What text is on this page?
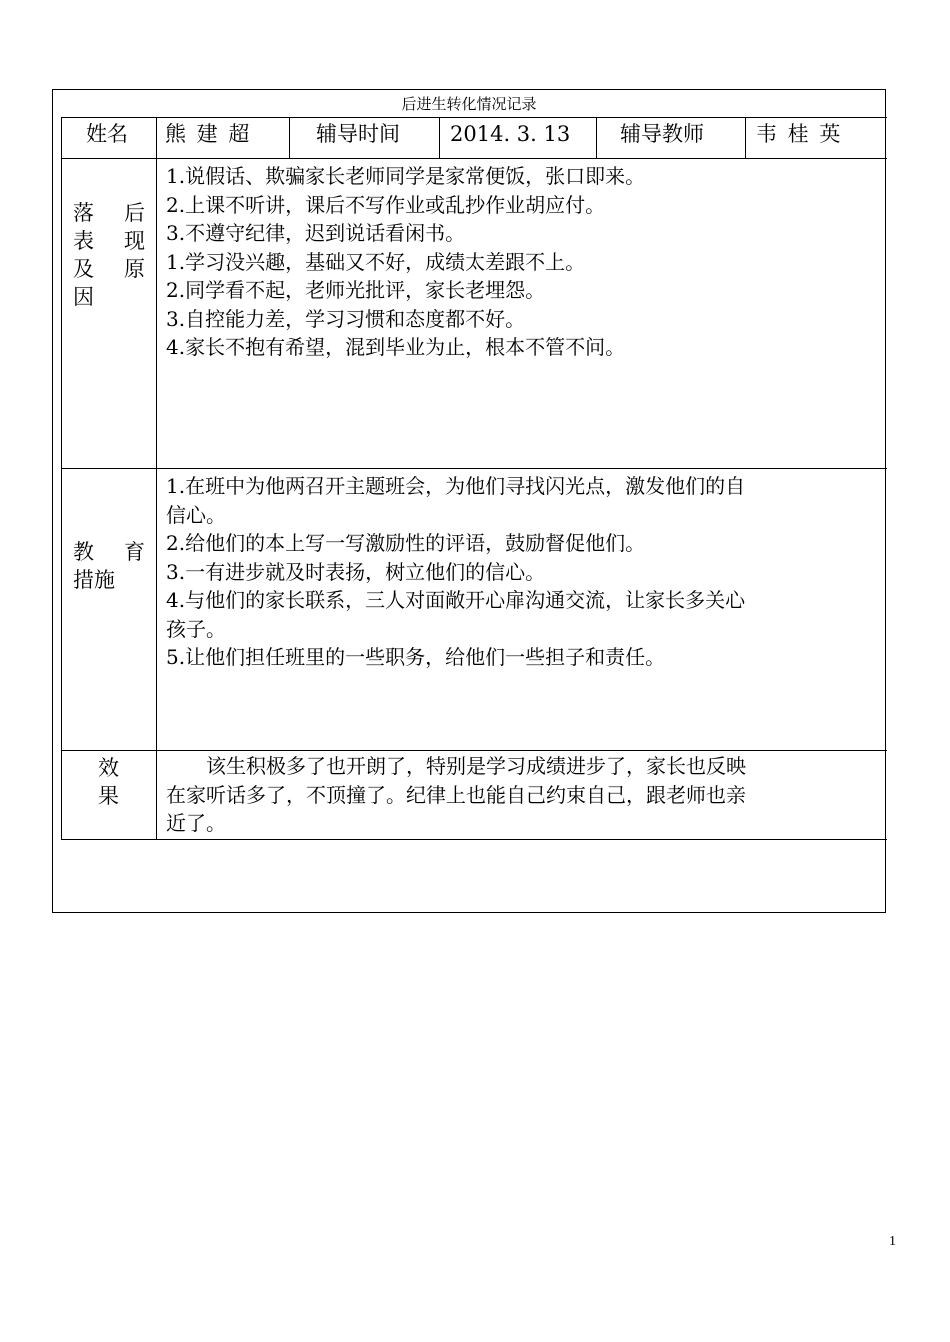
后进生转化情况记录
姓名 熊 建 超	辅导时间 2014. 3. 13 辅导教师 韦 桂 英
落 后
表 现
及 原
因
1.说假话、欺骗家长老师同学是家常便饭，张口即来。
2.上课不听讲，课后不写作业或乱抄作业胡应付。
3.不遵守纪律，迟到说话看闲书。
1.学习没兴趣，基础又不好，成绩太差跟不上。
2.同学看不起，老师光批评，家长老埋怨。
3.自控能力差，学习习惯和态度都不好。
4.家长不抱有希望，混到毕业为止，根本不管不问。
教 育
措施
1.在班中为他两召开主题班会，为他们寻找闪光点，激发他们的自
信心。
2.给他们的本上写一写激励性的评语，鼓励督促他们。
3.一有进步就及时表扬，树立他们的信心。
4.与他们的家长联系，三人对面敞开心扉沟通交流，让家长多关心
孩子。
5.让他们担任班里的一些职务，给他们一些担子和责任。
效
果
该生积极多了也开朗了，特别是学习成绩进步了，家长也反映
在家听话多了，不顶撞了。纪律上也能自己约束自己，跟老师也亲
近了。
1
